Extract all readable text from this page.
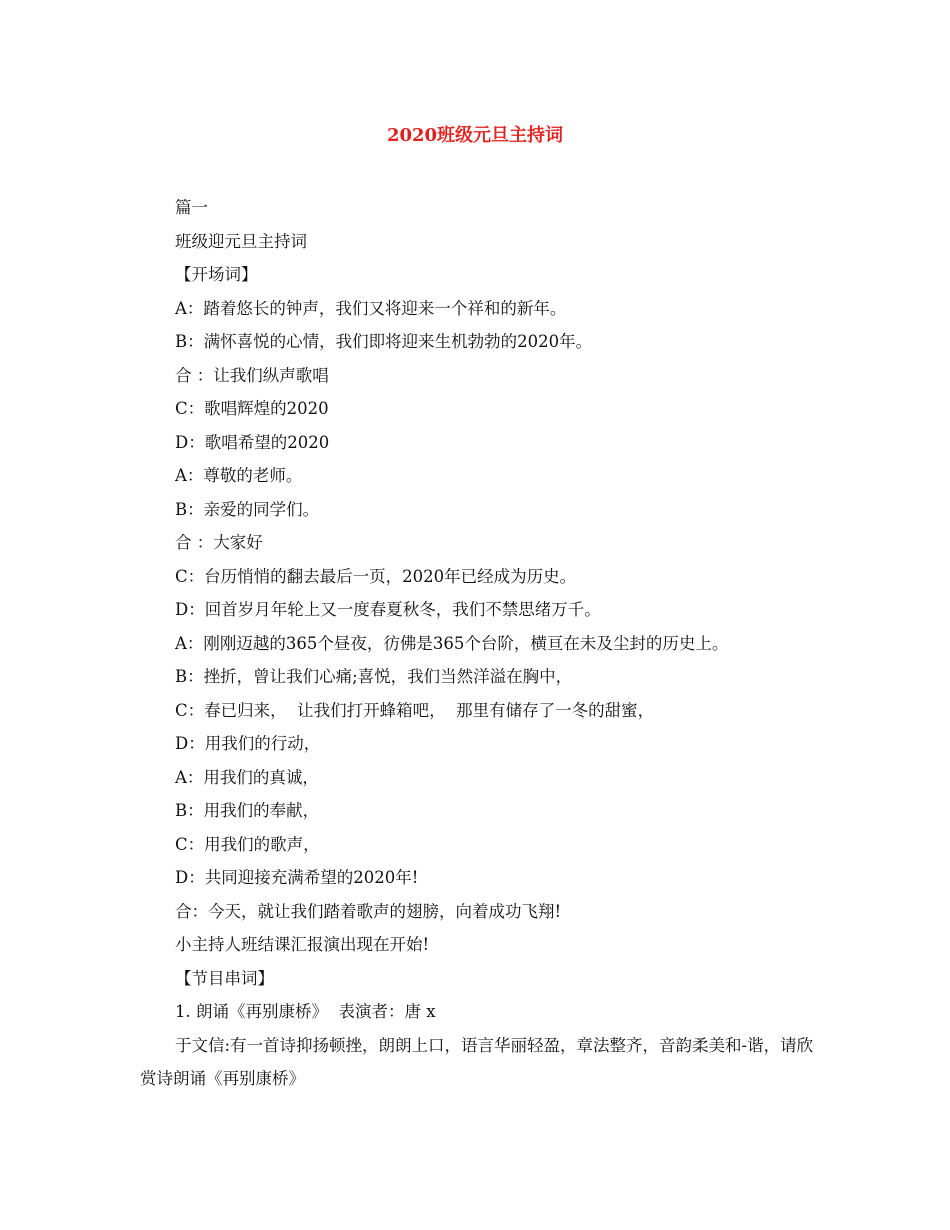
2020班级元旦主持词
篇一
班级迎元旦主持词
【开场词】
A：踏着悠长的钟声，我们又将迎来一个祥和的新年。
B：满怀喜悦的心情，我们即将迎来生机勃勃的2020年。
合 ：让我们纵声歌唱
C：歌唱辉煌的2020
D：歌唱希望的2020
A：尊敬的老师。
B：亲爱的同学们。
合 ：大家好
C：台历悄悄的翻去最后一页，2020年已经成为历史。
D：回首岁月年轮上又一度春夏秋冬，我们不禁思绪万千。
A：刚刚迈越的365个昼夜，彷佛是365个台阶，横亘在未及尘封的历史上。
B：挫折，曾让我们心痛;喜悦，我们当然洋溢在胸中，
C：春已归来，  让我们打开蜂箱吧，  那里有储存了一冬的甜蜜，
D：用我们的行动，
A：用我们的真诚，
B：用我们的奉献，
C：用我们的歌声，
D：共同迎接充满希望的2020年!
合：今天，就让我们踏着歌声的翅膀，向着成功飞翔!
小主持人班结课汇报演出现在开始!
【节目串词】
1. 朗诵《再别康桥》  表演者：唐 x
于文信:有一首诗抑扬顿挫，朗朗上口，语言华丽轻盈，章法整齐，音韵柔美和-谐，请欣赏诗朗诵《再别康桥》
